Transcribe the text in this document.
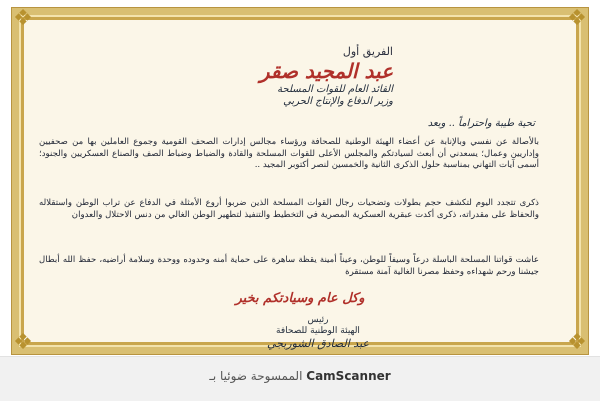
❖	❖
❖	❖
الفريق أول
عبد المجيد صقر
القائد العام للقوات المسلحة
وزير الدفاع والإنتاج الحربي
تحية طيبة واحتراماً .. وبعد
بالأصالة عن نفسي وبالإنابة عن أعضاء الهيئة الوطنية للصحافة ورؤساء مجالس إدارات الصحف القومية وجموع العاملين بها من صحفيين وإداريين وعمال؛ يسعدني أن أبعث لسيادتكم والمجلس الأعلى للقوات المسلحة والقادة والضباط وضباط الصف والصناع العسكريين والجنود؛ أسمى آيات التهاني بمناسبة حلول الذكرى الثانية والخمسين لنصر أكتوبر المجيد ..
ذكرى تتجدد اليوم لتكشف حجم بطولات وتضحيات رجال القوات المسلحة الذين ضربوا أروع الأمثلة في الدفاع عن تراب الوطن واستقلاله والحفاظ على مقدراته، ذكرى أكدت عبقرية العسكرية المصرية في التخطيط والتنفيذ لتطهير الوطن الغالي من دنس الاحتلال والعدوان
عاشت قواتنا المسلحة الباسلة درعاً وسيفاً للوطن، وعيناً أمينة يقظة ساهرة على حماية أمنه وحدوده ووحدة وسلامة أراضيه، حفظ الله أبطال جيشنا ورحم شهداءه وحفظ مصرنا الغالية آمنة مستقرة
وكل عام وسيادتكم بخير
رئيس
الهيئة الوطنية للصحافة
عبد الصادق الشوربجي
الممسوحة ضوئيا بـ CamScanner
